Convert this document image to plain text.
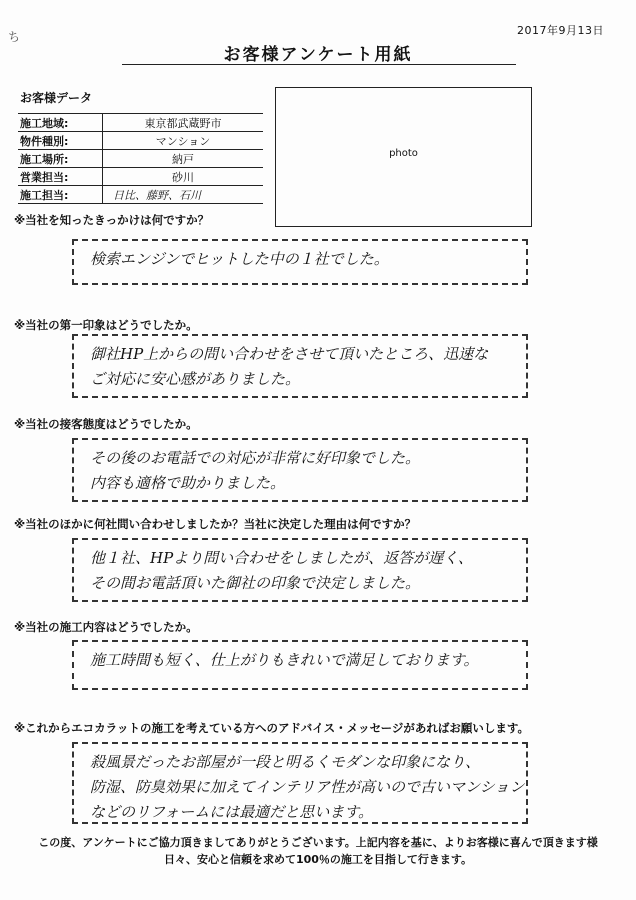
ち	2017年9月13日
お客様アンケート用紙
お客様データ
施工地域:	東京都武蔵野市
物件種別:	マンション
施工場所:	納戸
営業担当:	砂川
施工担当:	日比、藤野、石川
photo
※当社を知ったきっかけは何ですか？
検索エンジンでヒットした中の１社でした。
※当社の第一印象はどうでしたか。
御社HP上からの問い合わせをさせて頂いたところ、迅速な
ご対応に安心感がありました。
※当社の接客態度はどうでしたか。
その後のお電話での対応が非常に好印象でした。
内容も適格で助かりました。
※当社のほかに何社問い合わせしましたか？当社に決定した理由は何ですか？
他１社、HPより問い合わせをしましたが、返答が遅く、
その間お電話頂いた御社の印象で決定しました。
※当社の施工内容はどうでしたか。
施工時間も短く、仕上がりもきれいで満足しております。
※これからエコカラットの施工を考えている方へのアドバイス・メッセージがあればお願いします。
殺風景だったお部屋が一段と明るくモダンな印象になり、
防湿、防臭効果に加えてインテリア性が高いので古いマンション
などのリフォームには最適だと思います。
この度、アンケートにご協力頂きましてありがとうございます。上記内容を基に、よりお客様に喜んで頂きます様
日々、安心と信頼を求めて100％の施工を目指して行きます。
